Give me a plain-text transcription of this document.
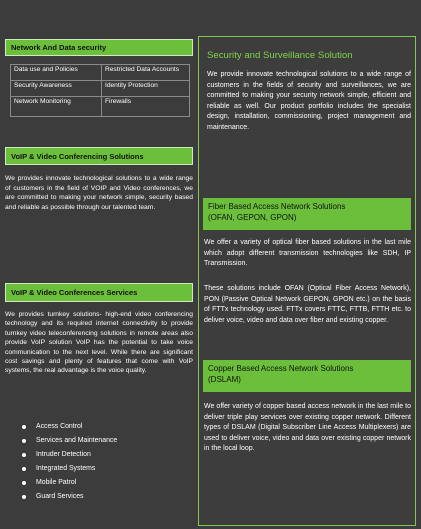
Network And Data security
Data use and Policies	Restricted Data Accounts
Security Awareness	Identity Protection
Network Monitoring	Firewalls
VoIP & Video Conferencing Solutions

We provides innovate technological solutions to a wide range of customers in the field of VOIP and Video conferences, we are committed to making your network simple, security based and reliable as possible through our talented team.

VoIP & Video Conferences Services

We provides turnkey solutions- high-end video conferencing technology and its required internet connectivity to provide turnkey video teleconferencing solutions in remote areas also provide VoIP solution VoIP has the potential to take voice communication to the next level. While there are significant cost savings and plenty of features that come with VoIP systems, the real advantage is the voice quality.

Access Control
Services and Maintenance
Intruder Detection
Integrated Systems
Mobile Patrol
Guard Services
Security and Surveillance Solution

We provide innovate technological solutions to a wide range of customers in the fields of security and surveillances, we are committed to making your security network simple, efficient and reliable as well. Our product portfolio includes the specialist design, installation, commissioning, project management and maintenance.

Fiber Based Access Network Solutions
(OFAN, GEPON, GPON)

We offer a variety of optical fiber based solutions in the last mile which adopt different transmission technologies like SDH, IP Transmission.

These solutions include OFAN (Optical Fiber Access Network), PON (Passive Optical Network GEPON, GPON etc.) on the basis of FTTx technology used. FTTx covers FTTC, FTTB, FTTH etc. to deliver voice, video and data over fiber and existing copper.

Copper Based Access Network Solutions
(DSLAM)

We offer variety of copper based access network in the last mile to deliver triple play services over existing copper network. Different types of DSLAM (Digital Subscriber Line Access Multiplexers) are used to deliver voice, video and data over existing copper network in the local loop.
